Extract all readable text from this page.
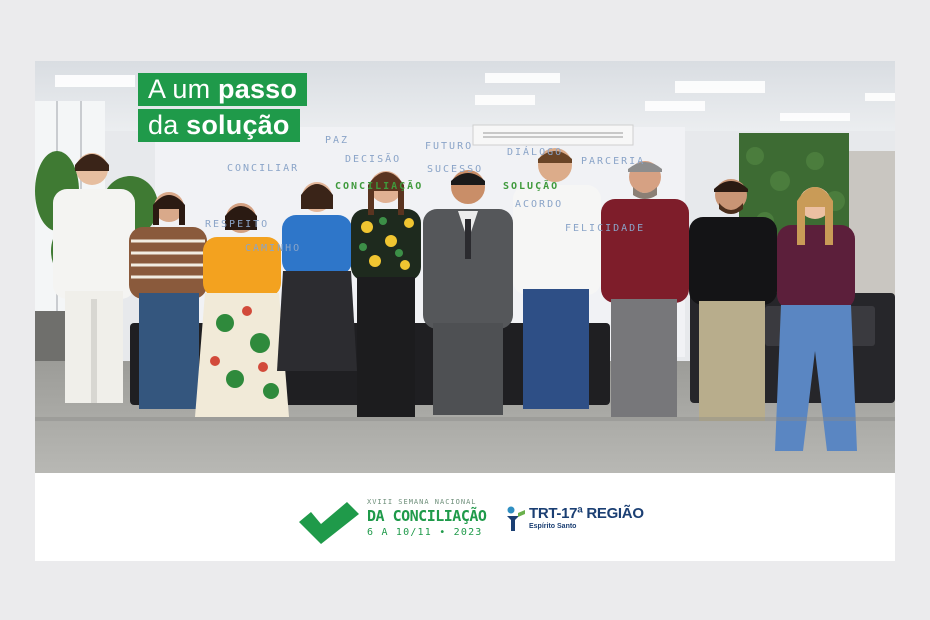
PAZ
DECISÃO
CONCILIAR
FUTURO
SUCESSO
DIÁLOGO
PARCERIA
ACORDO
CONCILIAÇÃO	SOLUÇÃO
FELICIDADE
RESPEITO
CAMINHO
A um passo
da solução
XVIII SEMANA NACIONAL
DA CONCILIAÇÃO
6 A 10/11 • 2023
TRT-17ª REGIÃO
Espírito Santo
